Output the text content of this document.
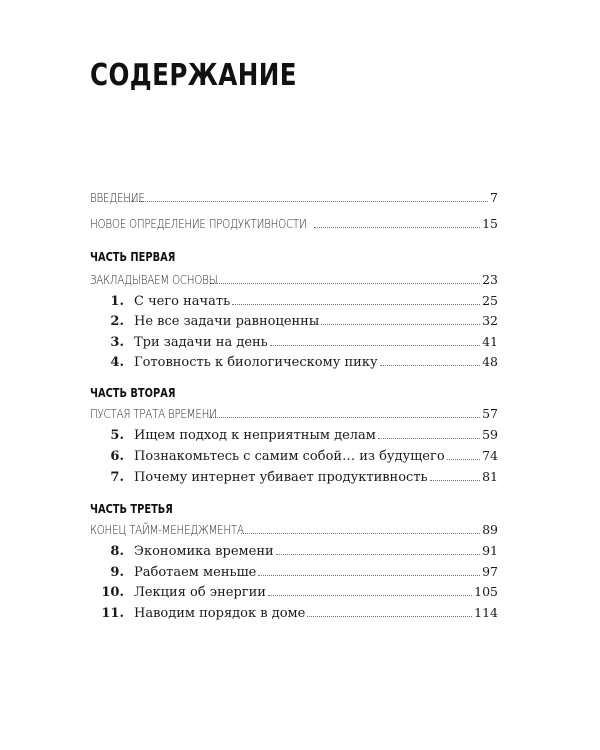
СОДЕРЖАНИЕ
ВВЕДЕНИЕ	7
НОВОЕ ОПРЕДЕЛЕНИЕ ПРОДУКТИВНОСТИ	15
ЧАСТЬ ПЕРВАЯ
ЗАКЛАДЫВАЕМ ОСНОВЫ	23
1. С чего начать	25
2. Не все задачи равноценны	32
3. Три задачи на день	41
4. Готовность к биологическому пику	48
ЧАСТЬ ВТОРАЯ
ПУСТАЯ ТРАТА ВРЕМЕНИ	57
5. Ищем подход к неприятным делам	59
6. Познакомьтесь с самим собой… из будущего	74
7. Почему интернет убивает продуктивность	81
ЧАСТЬ ТРЕТЬЯ
КОНЕЦ ТАЙМ-МЕНЕДЖМЕНТА	89
8. Экономика времени	91
9. Работаем меньше	97
10. Лекция об энергии	105
11. Наводим порядок в доме	114
